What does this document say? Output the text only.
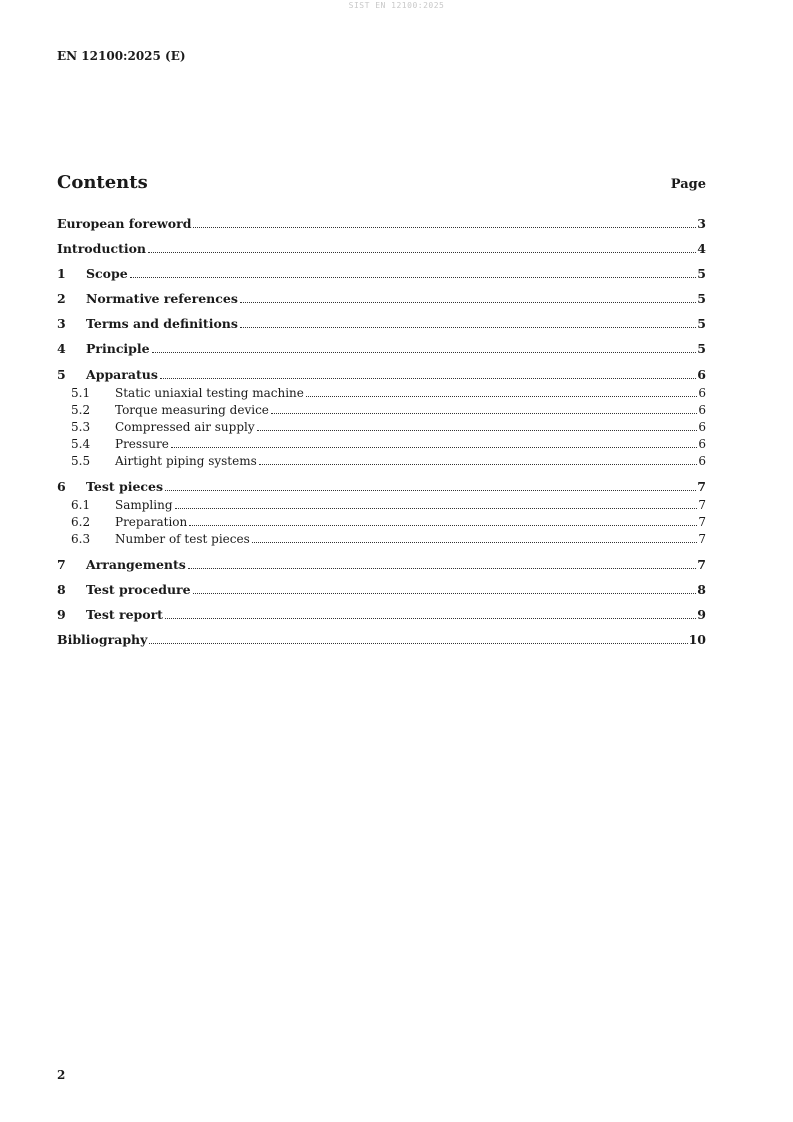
SIST EN 12100:2025
EN 12100:2025 (E)
Contents	Page
European foreword	3
Introduction	4
1	Scope	5
2	Normative references	5
3	Terms and definitions	5
4	Principle	5
5	Apparatus	6
5.1	Static uniaxial testing machine	6
5.2	Torque measuring device	6
5.3	Compressed air supply	6
5.4	Pressure	6
5.5	Airtight piping systems	6
6	Test pieces	7
6.1	Sampling	7
6.2	Preparation	7
6.3	Number of test pieces	7
7	Arrangements	7
8	Test procedure	8
9	Test report	9
Bibliography	10
2
